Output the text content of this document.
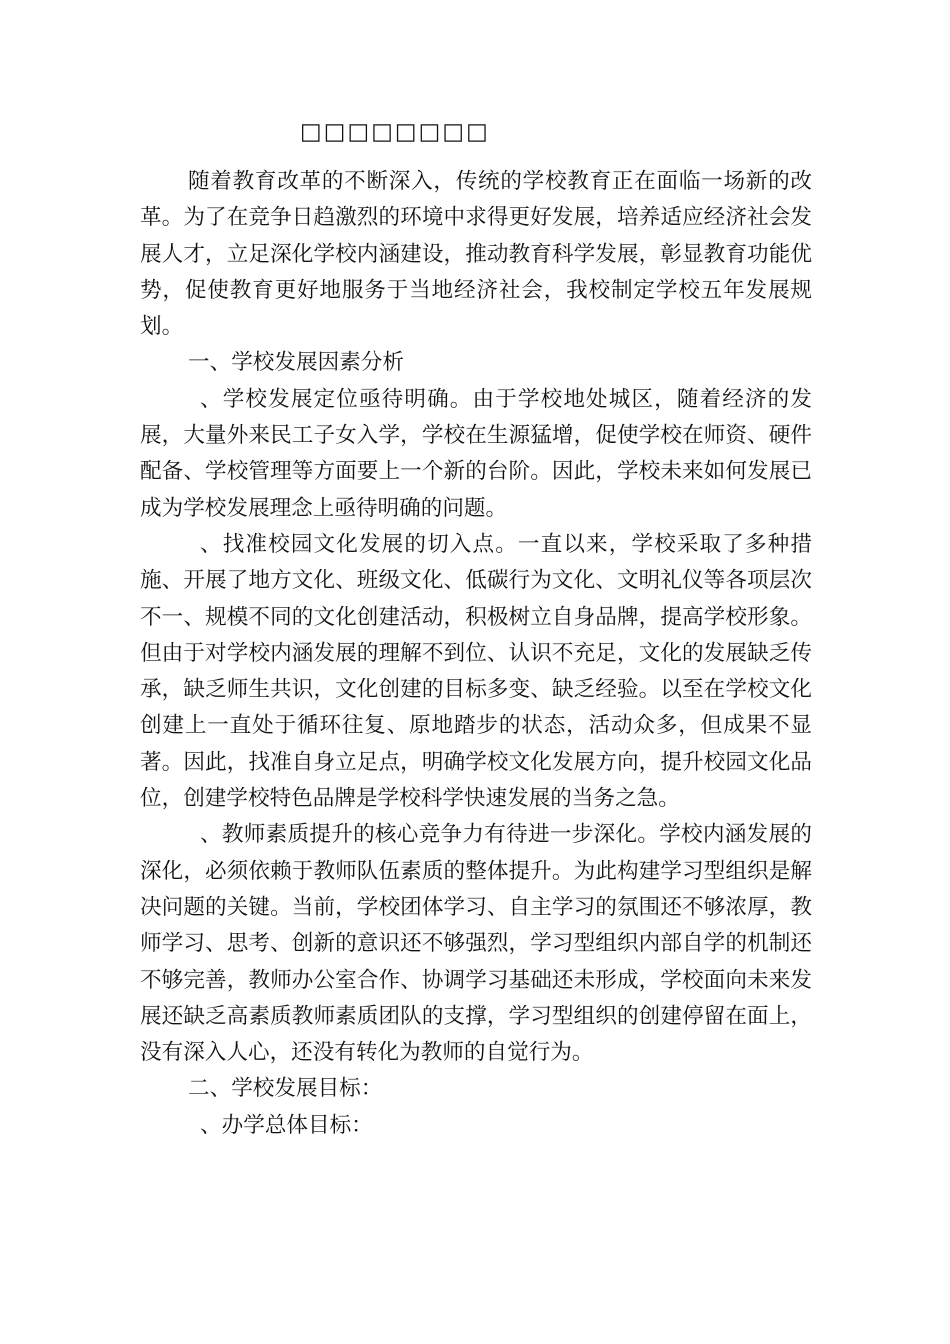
□□□□□□□□

随着教育改革的不断深入，传统的学校教育正在面临一场新的改革。为了在竞争日趋激烈的环境中求得更好发展，培养适应经济社会发展人才，立足深化学校内涵建设，推动教育科学发展，彰显教育功能优势，促使教育更好地服务于当地经济社会，我校制定学校五年发展规划。

一、学校发展因素分析

、学校发展定位亟待明确。由于学校地处城区，随着经济的发展，大量外来民工子女入学，学校在生源猛增，促使学校在师资、硬件配备、学校管理等方面要上一个新的台阶。因此，学校未来如何发展已成为学校发展理念上亟待明确的问题。

、找准校园文化发展的切入点。一直以来，学校采取了多种措施、开展了地方文化、班级文化、低碳行为文化、文明礼仪等各项层次不一、规模不同的文化创建活动，积极树立自身品牌，提高学校形象。但由于对学校内涵发展的理解不到位、认识不充足，文化的发展缺乏传承，缺乏师生共识，文化创建的目标多变、缺乏经验。以至在学校文化创建上一直处于循环往复、原地踏步的状态，活动众多，但成果不显著。因此，找准自身立足点，明确学校文化发展方向，提升校园文化品位，创建学校特色品牌是学校科学快速发展的当务之急。

、教师素质提升的核心竞争力有待进一步深化。学校内涵发展的深化，必须依赖于教师队伍素质的整体提升。为此构建学习型组织是解决问题的关键。当前，学校团体学习、自主学习的氛围还不够浓厚，教师学习、思考、创新的意识还不够强烈，学习型组织内部自学的机制还不够完善，教师办公室合作、协调学习基础还未形成，学校面向未来发展还缺乏高素质教师素质团队的支撑，学习型组织的创建停留在面上，没有深入人心，还没有转化为教师的自觉行为。

二、学校发展目标：

、办学总体目标：
